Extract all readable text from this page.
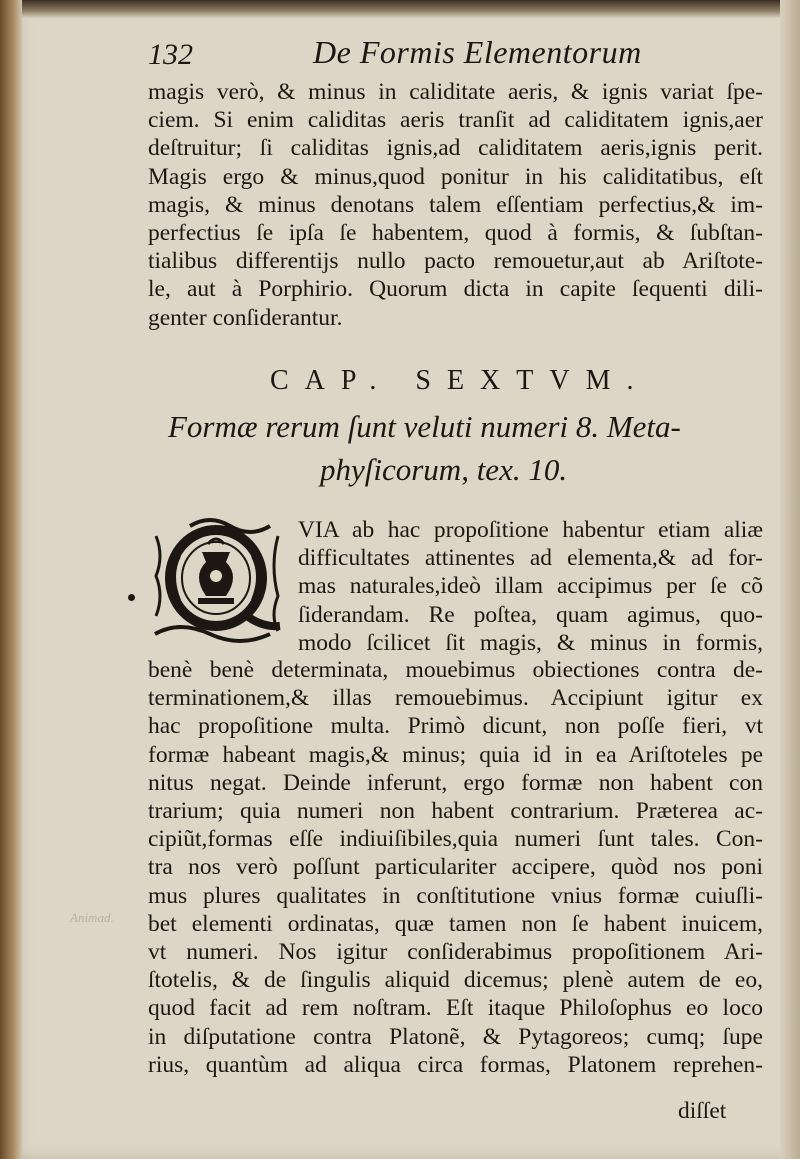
132	De Formis Elementorum
magis verò, & minus in caliditate aeris, & ignis variat ſpe-
ciem. Si enim caliditas aeris tranſit ad caliditatem ignis,aer
deſtruitur; ſi caliditas ignis,ad caliditatem aeris,ignis perit.
Magis ergo & minus,quod ponitur in his caliditatibus, eſt
magis, & minus denotans talem eſſentiam perfectius,& im-
perfectius ſe ipſa ſe habentem, quod à formis, & ſubſtan-
tialibus differentijs nullo pacto remouetur,aut ab Ariſtote-
le, aut à Porphirio. Quorum dicta in capite ſequenti dili-
genter conſiderantur.
CAP. SEXTVM.
Formæ rerum ſunt veluti numeri 8. Meta-
phyſicorum, tex. 10.
VIA ab hac propoſitione habentur etiam aliæ
difficultates attinentes ad elementa,& ad for-
mas naturales,ideò illam accipimus per ſe cõ
ſiderandam. Re poſtea, quam agimus, quo-
modo ſcilicet ſit magis, & minus in formis,
benè benè determinata, mouebimus obiectiones contra de-
terminationem,& illas remouebimus. Accipiunt igitur ex
hac propoſitione multa. Primò dicunt, non poſſe fieri, vt
formæ habeant magis,& minus; quia id in ea Ariſtoteles pe
nitus negat. Deinde inferunt, ergo formæ non habent con
trarium; quia numeri non habent contrarium. Præterea ac-
cipiũt,formas eſſe indiuiſibiles,quia numeri ſunt tales. Con-
tra nos verò poſſunt particulariter accipere, quòd nos poni
mus plures qualitates in conſtitutione vnius formæ cuiuſli-
bet elementi ordinatas, quæ tamen non ſe habent inuicem,
vt numeri. Nos igitur conſiderabimus propoſitionem Ari-
ſtotelis, & de ſingulis aliquid dicemus; plenè autem de eo,
quod facit ad rem noſtram. Eſt itaque Philoſophus eo loco
in diſputatione contra Platonẽ, & Pytagoreos; cumq; ſupe
rius, quantùm ad aliqua circa formas, Platonem reprehen-
diſſet
Animad.
